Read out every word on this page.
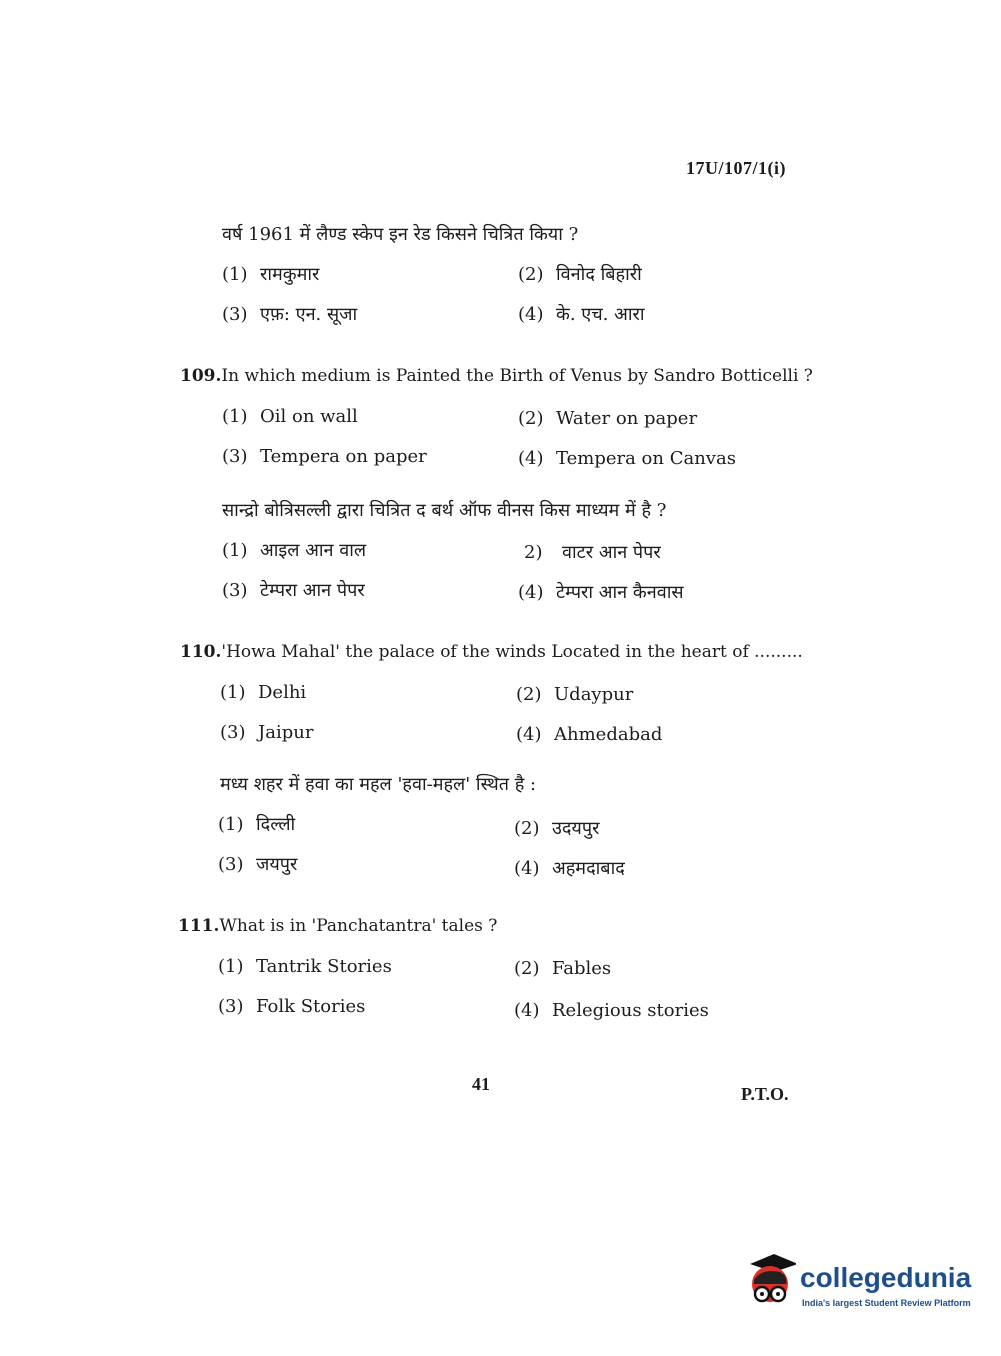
17U/107/1(i)
वर्ष 1961 में लैण्ड स्केप इन रेड किसने चित्रित किया ?
(1) रामकुमार	(2) विनोद बिहारी
(3) एफ़: एन. सूजा	(4) के. एच. आरा
109.In which medium is Painted the Birth of Venus by Sandro Botticelli ?
(1) Oil on wall	(2) Water on paper
(3) Tempera on paper	(4) Tempera on Canvas
सान्द्रो बोत्रिसल्ली द्वारा चित्रित द बर्थ ऑफ वीनस किस माध्यम में है ?
(1) आइल आन वाल	2) वाटर आन पेपर
(3) टेम्परा आन पेपर	(4) टेम्परा आन कैनवास
110.'Howa Mahal' the palace of the winds Located in the heart of .........
(1) Delhi	(2) Udaypur
(3) Jaipur	(4) Ahmedabad
मध्य शहर में हवा का महल 'हवा-महल' स्थित है :
(1) दिल्ली	(2) उदयपुर
(3) जयपुर	(4) अहमदाबाद
111.What is in 'Panchatantra' tales ?
(1) Tantrik Stories	(2) Fables
(3) Folk Stories	(4) Relegious stories
41	P.T.O.
collegedunia
India's largest Student Review Platform
